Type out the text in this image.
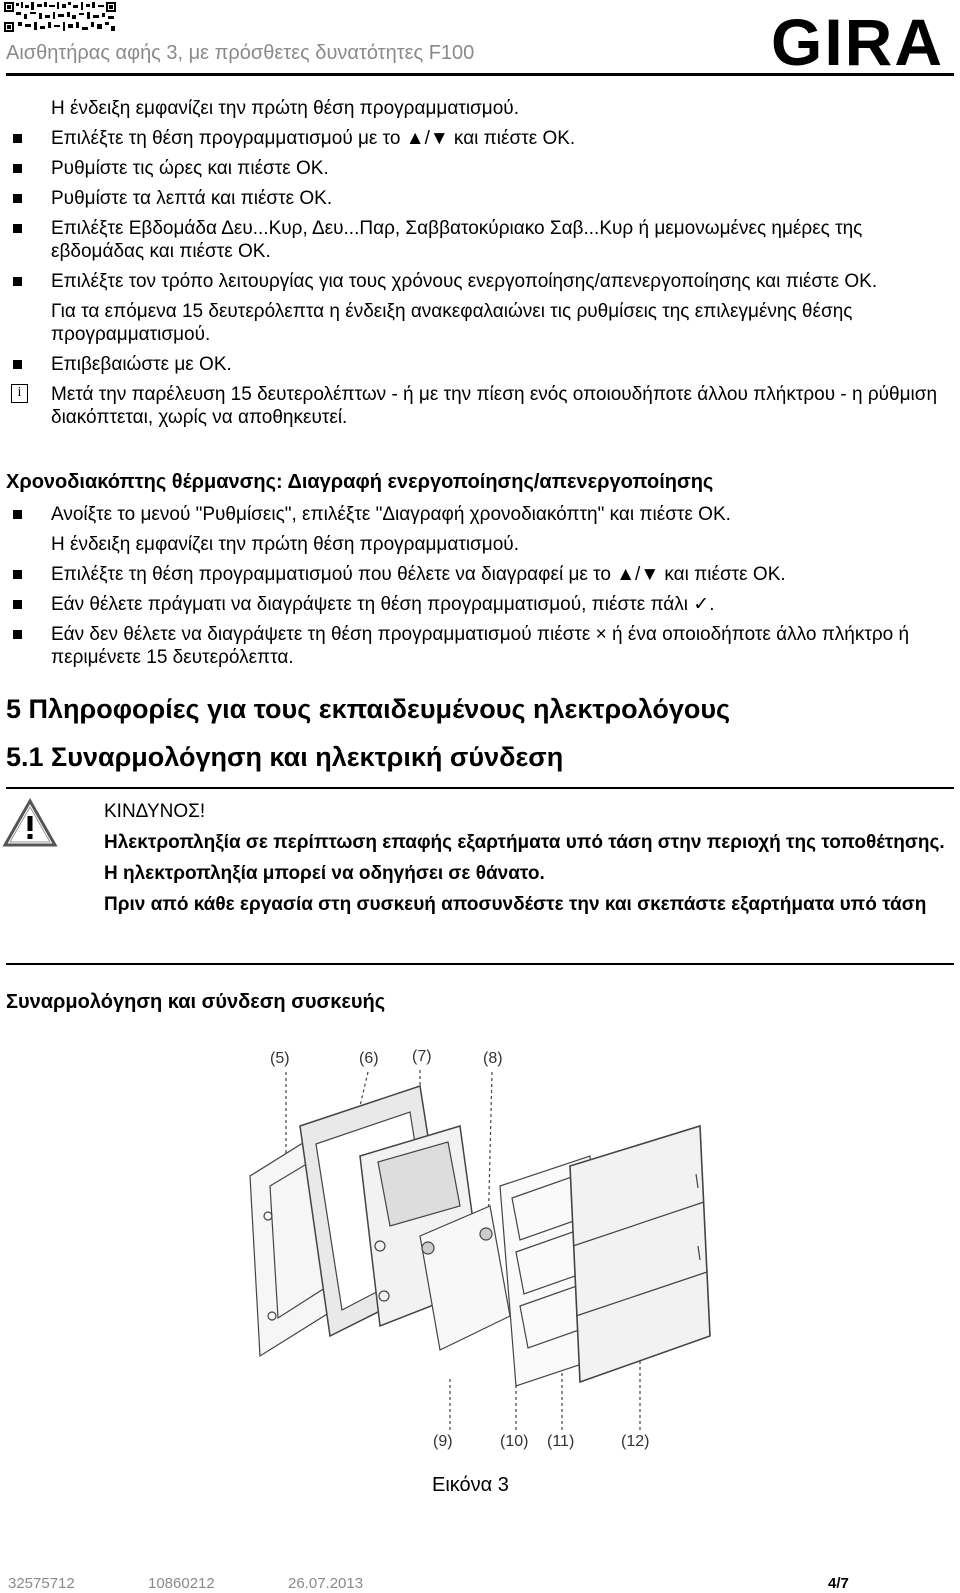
Αισθητήρας αφής 3, με πρόσθετες δυνατότητες F100	GIRA
Η ένδειξη εμφανίζει την πρώτη θέση προγραμματισμού.
Επιλέξτε τη θέση προγραμματισμού με το ▲/▼ και πιέστε OK.
Ρυθμίστε τις ώρες και πιέστε OK.
Ρυθμίστε τα λεπτά και πιέστε OK.
Επιλέξτε Εβδομάδα Δευ...Κυρ, Δευ...Παρ, Σαββατοκύριακο Σαβ...Κυρ ή μεμονωμένες ημέρες της εβδομάδας και πιέστε OK.
Επιλέξτε τον τρόπο λειτουργίας για τους χρόνους ενεργοποίησης/απενεργοποίησης και πιέστε OK.
Για τα επόμενα 15 δευτερόλεπτα η ένδειξη ανακεφαλαιώνει τις ρυθμίσεις της επιλεγμένης θέσης προγραμματισμού.
Επιβεβαιώστε με OK.
i	Μετά την παρέλευση 15 δευτερολέπτων - ή με την πίεση ενός οποιουδήποτε άλλου πλήκτρου - η ρύθμιση διακόπτεται, χωρίς να αποθηκευτεί.
Χρονοδιακόπτης θέρμανσης: Διαγραφή ενεργοποίησης/απενεργοποίησης
Ανοίξτε το μενού "Ρυθμίσεις", επιλέξτε "Διαγραφή χρονοδιακόπτη" και πιέστε OK.
Η ένδειξη εμφανίζει την πρώτη θέση προγραμματισμού.
Επιλέξτε τη θέση προγραμματισμού που θέλετε να διαγραφεί με το ▲/▼ και πιέστε OK.
Εάν θέλετε πράγματι να διαγράψετε τη θέση προγραμματισμού, πιέστε πάλι ✓.
Εάν δεν θέλετε να διαγράψετε τη θέση προγραμματισμού πιέστε × ή ένα οποιοδήποτε άλλο πλήκτρο ή περιμένετε 15 δευτερόλεπτα.
5 Πληροφορίες για τους εκπαιδευμένους ηλεκτρολόγους
5.1 Συναρμολόγηση και ηλεκτρική σύνδεση

ΚΙΝΔΥΝΟΣ!

Ηλεκτροπληξία σε περίπτωση επαφής εξαρτήματα υπό τάση στην περιοχή της τοποθέτησης.

Η ηλεκτροπληξία μπορεί να οδηγήσει σε θάνατο.

Πριν από κάθε εργασία στη συσκευή αποσυνδέστε την και σκεπάστε εξαρτήματα υπό τάση

Συναρμολόγηση και σύνδεση συσκευής
(5)	(6) (7)	(8)
(9)	(10) (11)	(12)
Εικόνα 3
32575712	10860212	26.07.2013	4/7
